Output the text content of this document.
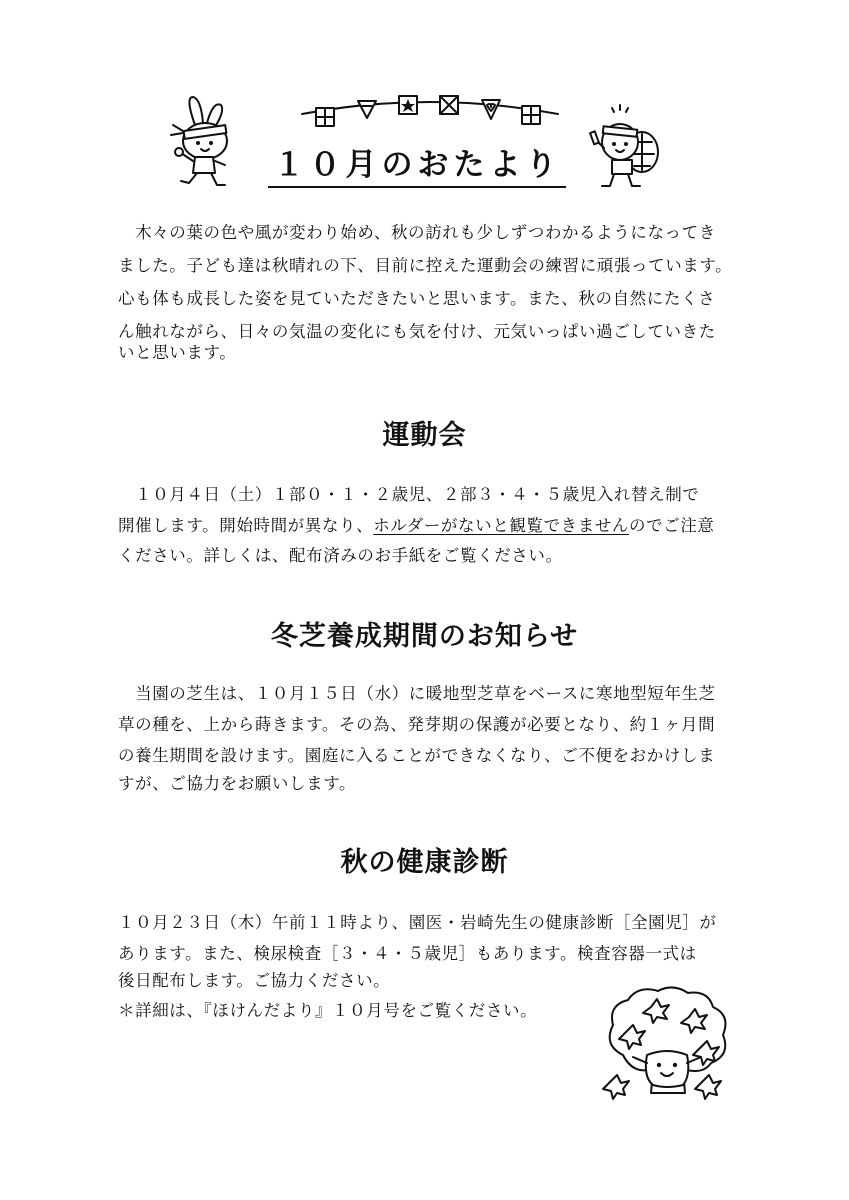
１０月のおたより
　木々の葉の色や風が変わり始め、秋の訪れも少しずつわかるようになってき
ました。子ども達は秋晴れの下、目前に控えた運動会の練習に頑張っています。
心も体も成長した姿を見ていただきたいと思います。また、秋の自然にたくさ
ん触れながら、日々の気温の変化にも気を付け、元気いっぱい過ごしていきた
いと思います。
運動会
　１０月４日（土）１部０・１・２歳児、２部３・４・５歳児入れ替え制で
開催します。開始時間が異なり、ホルダーがないと観覧できませんのでご注意
ください。詳しくは、配布済みのお手紙をご覧ください。
冬芝養成期間のお知らせ
　当園の芝生は、１０月１５日（水）に暖地型芝草をベースに寒地型短年生芝
草の種を、上から蒔きます。その為、発芽期の保護が必要となり、約１ヶ月間
の養生期間を設けます。園庭に入ることができなくなり、ご不便をおかけしま
すが、ご協力をお願いします。
秋の健康診断
１０月２３日（木）午前１１時より、園医・岩崎先生の健康診断［全園児］が
あります。また、検尿検査［３・４・５歳児］もあります。検査容器一式は
後日配布します。ご協力ください。
＊詳細は、『ほけんだより』１０月号をご覧ください。
